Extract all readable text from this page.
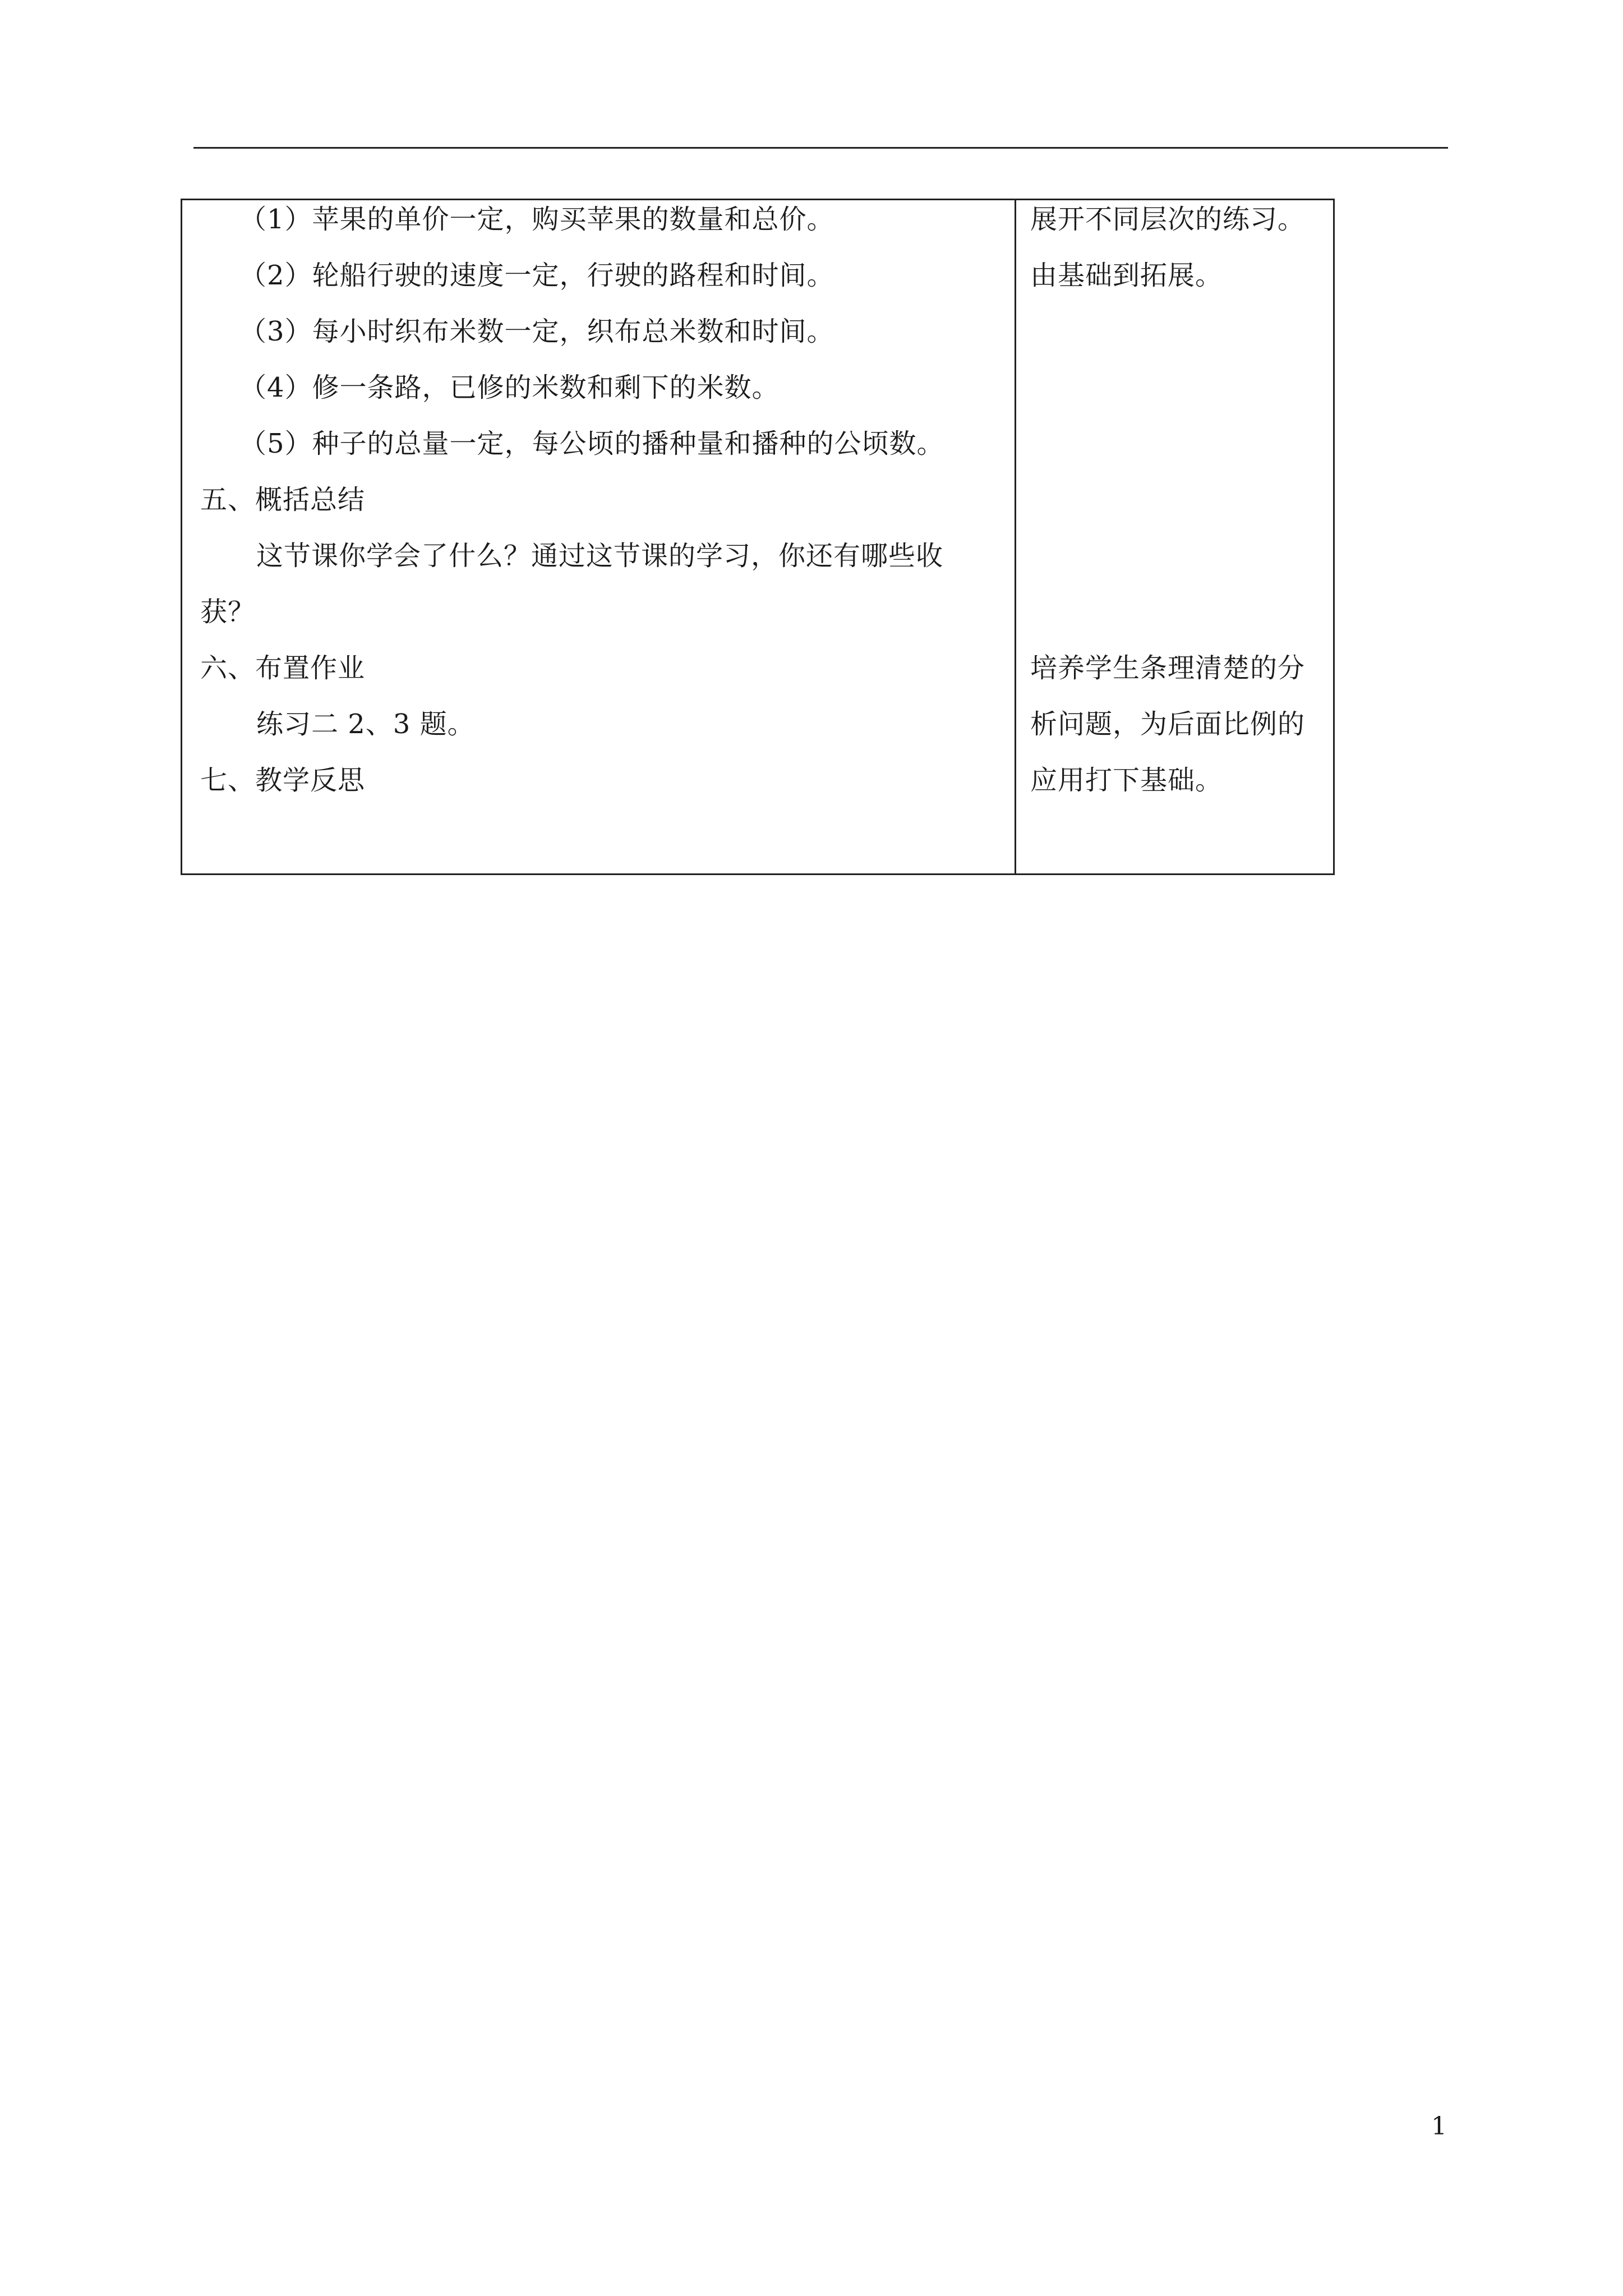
（1）苹果的单价一定，购买苹果的数量和总价。
（2）轮船行驶的速度一定，行驶的路程和时间。
（3）每小时织布米数一定，织布总米数和时间。
（4）修一条路，已修的米数和剩下的米数。
（5）种子的总量一定，每公顷的播种量和播种的公顷数。
五、概括总结
这节课你学会了什么？通过这节课的学习，你还有哪些收
获？
六、布置作业
练习二 2、3 题。
七、教学反思
展开不同层次的练习。
由基础到拓展。
培养学生条理清楚的分
析问题，为后面比例的
应用打下基础。
1
